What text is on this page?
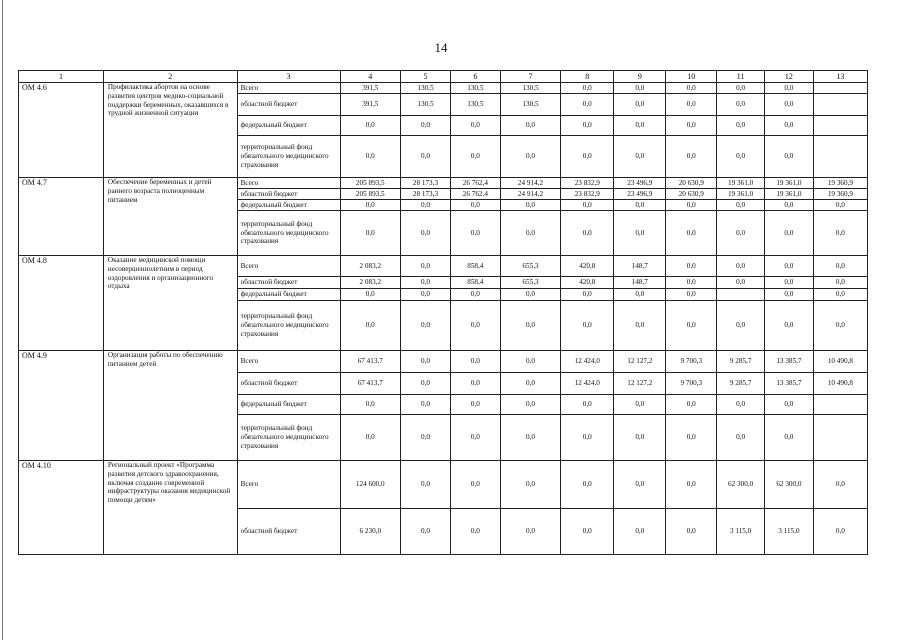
14
1	2	3	4	5	6	7	8	9	10	11	12	13
ОМ 4.6	Профилактика абортов на основе развития центров медико-социальной поддержки беременных, оказавшихся в трудной жизненной ситуации	Всего	391,5	130,5	130,5	130,5	0,0	0,0	0,0	0,0	0,0	
		областной бюджет	391,5	130,5	130,5	130,5	0,0	0,0	0,0	0,0	0,0	
		федеральный бюджет	0,0	0,0	0,0	0,0	0,0	0,0	0,0	0,0	0,0	
		территориальный фонд обязательного медицинского страхования	0,0	0,0	0,0	0,0	0,0	0,0	0,0	0,0	0,0	
ОМ 4.7	Обеспечение беременных и детей раннего возраста полноценным питанием	Всего	205 893,5	28 173,3	26 762,4	24 914,2	23 832,9	23 496,9	20 630,9	19 361,0	19 361,0	19 360,9
		областной бюджет	205 893,5	28 173,3	26 762,4	24 914,2	23 832,9	23 496,9	20 630,9	19 361,0	19 361,0	19 360,9
		федеральный бюджет	0,0	0,0	0,0	0,0	0,0	0,0	0,0	0,0	0,0	0,0
		территориальный фонд обязательного медицинского страхования	0,0	0,0	0,0	0,0	0,0	0,0	0,0	0,0	0,0	0,0
ОМ 4.8	Оказание медицинской помощи несовершеннолетним в период оздоровления и организационного отдыха	Всего	2 083,2	0,0	858,4	655,3	420,8	148,7	0,0	0,0	0,0	0,0
		областной бюджет	2 083,2	0,0	858,4	655,3	420,8	148,7	0,0	0,0	0,0	0,0
		федеральный бюджет	0,0	0,0	0,0	0,0	0,0	0,0	0,0		0,0	0,0
		территориальный фонд обязательного медицинского страхования	0,0	0,0	0,0	0,0	0,0	0,0	0,0	0,0	0,0	0,0
ОМ 4.9	Организация работы по обеспечению питанием детей	Всего	67 413,7	0,0	0,0	0,0	12 424,0	12 127,2	9 700,3	9 285,7	13 385,7	10 490,8
		областной бюджет	67 413,7	0,0	0,0	0,0	12 424,0	12 127,2	9 700,3	9 285,7	13 385,7	10 490,8
		федеральный бюджет	0,0	0,0	0,0	0,0	0,0	0,0	0,0	0,0	0,0	
		территориальный фонд обязательного медицинского страхования	0,0	0,0	0,0	0,0	0,0	0,0	0,0	0,0	0,0	
ОМ 4.10	Региональный проект «Программа развития детского здравоохранения, включая создание современной инфраструктуры оказания медицинской помощи детям»	Всего	124 600,0	0,0	0,0	0,0	0,0	0,0	0,0	62 300,0	62 300,0	0,0
		областной бюджет	6 230,0	0,0	0,0	0,0	0,0	0,0	0,0	3 115,0	3 115,0	0,0
